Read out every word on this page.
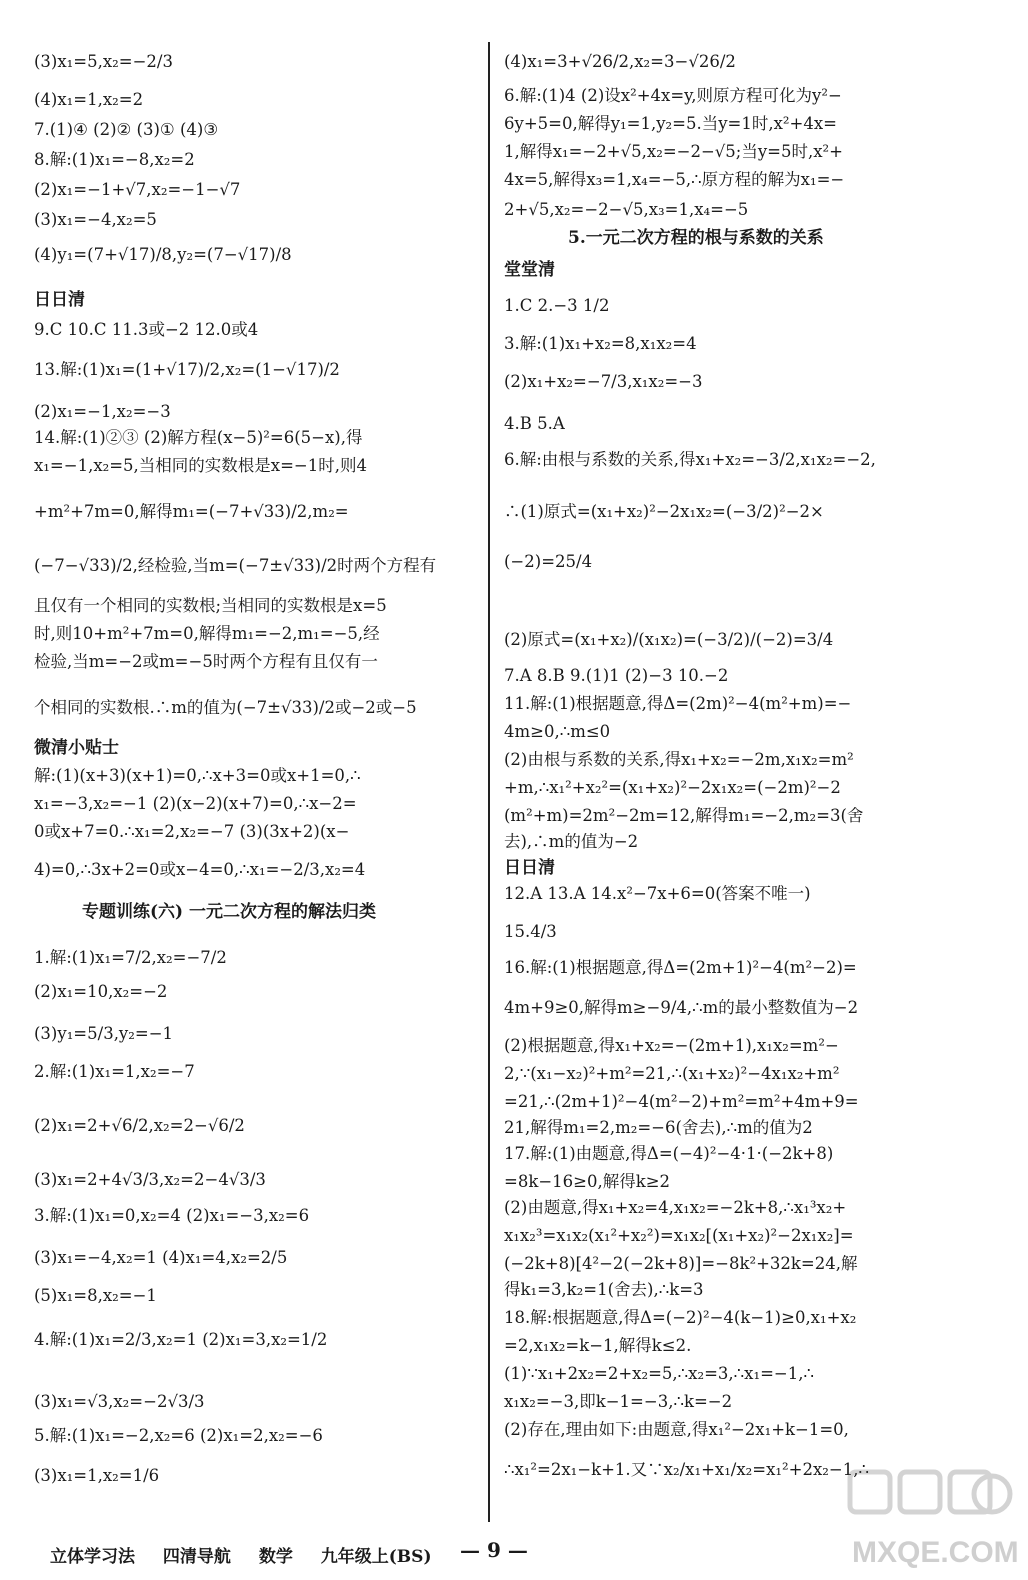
(3)x₁=5,x₂=−2/3
(4)x₁=1,x₂=2
7.(1)④ (2)② (3)① (4)③
8.解:(1)x₁=−8,x₂=2
(2)x₁=−1+√7,x₂=−1−√7
(3)x₁=−4,x₂=5
(4)y₁=(7+√17)/8,y₂=(7−√17)/8
日日清
9.C 10.C 11.3或−2 12.0或4
13.解:(1)x₁=(1+√17)/2,x₂=(1−√17)/2
(2)x₁=−1,x₂=−3
14.解:(1)②③ (2)解方程(x−5)²=6(5−x),得
x₁=−1,x₂=5,当相同的实数根是x=−1时,则4
+m²+7m=0,解得m₁=(−7+√33)/2,m₂=
(−7−√33)/2,经检验,当m=(−7±√33)/2时两个方程有
且仅有一个相同的实数根;当相同的实数根是x=5
时,则10+m²+7m=0,解得m₁=−2,m₁=−5,经
检验,当m=−2或m=−5时两个方程有且仅有一
个相同的实数根.∴m的值为(−7±√33)/2或−2或−5
微清小贴士
解:(1)(x+3)(x+1)=0,∴x+3=0或x+1=0,∴
x₁=−3,x₂=−1 (2)(x−2)(x+7)=0,∴x−2=
0或x+7=0.∴x₁=2,x₂=−7 (3)(3x+2)(x−
4)=0,∴3x+2=0或x−4=0,∴x₁=−2/3,x₂=4
专题训练(六) 一元二次方程的解法归类
1.解:(1)x₁=7/2,x₂=−7/2
(2)x₁=10,x₂=−2
(3)y₁=5/3,y₂=−1
2.解:(1)x₁=1,x₂=−7
(2)x₁=2+√6/2,x₂=2−√6/2
(3)x₁=2+4√3/3,x₂=2−4√3/3
3.解:(1)x₁=0,x₂=4 (2)x₁=−3,x₂=6
(3)x₁=−4,x₂=1 (4)x₁=4,x₂=2/5
(5)x₁=8,x₂=−1
4.解:(1)x₁=2/3,x₂=1 (2)x₁=3,x₂=1/2
(3)x₁=√3,x₂=−2√3/3
5.解:(1)x₁=−2,x₂=6 (2)x₁=2,x₂=−6
(3)x₁=1,x₂=1/6
(4)x₁=3+√26/2,x₂=3−√26/2
6.解:(1)4 (2)设x²+4x=y,则原方程可化为y²−
6y+5=0,解得y₁=1,y₂=5.当y=1时,x²+4x=
1,解得x₁=−2+√5,x₂=−2−√5;当y=5时,x²+
4x=5,解得x₃=1,x₄=−5,∴原方程的解为x₁=−
2+√5,x₂=−2−√5,x₃=1,x₄=−5
5.一元二次方程的根与系数的关系
堂堂清
1.C 2.−3 1/2
3.解:(1)x₁+x₂=8,x₁x₂=4
(2)x₁+x₂=−7/3,x₁x₂=−3
4.B 5.A
6.解:由根与系数的关系,得x₁+x₂=−3/2,x₁x₂=−2,
∴(1)原式=(x₁+x₂)²−2x₁x₂=(−3/2)²−2×
(−2)=25/4
(2)原式=(x₁+x₂)/(x₁x₂)=(−3/2)/(−2)=3/4
7.A 8.B 9.(1)1 (2)−3 10.−2
11.解:(1)根据题意,得Δ=(2m)²−4(m²+m)=−
4m≥0,∴m≤0
(2)由根与系数的关系,得x₁+x₂=−2m,x₁x₂=m²
+m,∴x₁²+x₂²=(x₁+x₂)²−2x₁x₂=(−2m)²−2
(m²+m)=2m²−2m=12,解得m₁=−2,m₂=3(舍
去),∴m的值为−2
日日清
12.A 13.A 14.x²−7x+6=0(答案不唯一)
15.4/3
16.解:(1)根据题意,得Δ=(2m+1)²−4(m²−2)=
4m+9≥0,解得m≥−9/4,∴m的最小整数值为−2
(2)根据题意,得x₁+x₂=−(2m+1),x₁x₂=m²−
2,∵(x₁−x₂)²+m²=21,∴(x₁+x₂)²−4x₁x₂+m²
=21,∴(2m+1)²−4(m²−2)+m²=m²+4m+9=
21,解得m₁=2,m₂=−6(舍去),∴m的值为2
17.解:(1)由题意,得Δ=(−4)²−4·1·(−2k+8)
=8k−16≥0,解得k≥2
(2)由题意,得x₁+x₂=4,x₁x₂=−2k+8,∴x₁³x₂+
x₁x₂³=x₁x₂(x₁²+x₂²)=x₁x₂[(x₁+x₂)²−2x₁x₂]=
(−2k+8)[4²−2(−2k+8)]=−8k²+32k=24,解
得k₁=3,k₂=1(舍去),∴k=3
18.解:根据题意,得Δ=(−2)²−4(k−1)≥0,x₁+x₂
=2,x₁x₂=k−1,解得k≤2.
(1)∵x₁+2x₂=2+x₂=5,∴x₂=3,∴x₁=−1,∴
x₁x₂=−3,即k−1=−3,∴k=−2
(2)存在,理由如下:由题意,得x₁²−2x₁+k−1=0,
∴x₁²=2x₁−k+1.又∵x₂/x₁+x₁/x₂=x₁²+2x₂−1,∴
立体学习法 四清导航 数学 九年级上(BS)	— 9 —	MXQE.COM
